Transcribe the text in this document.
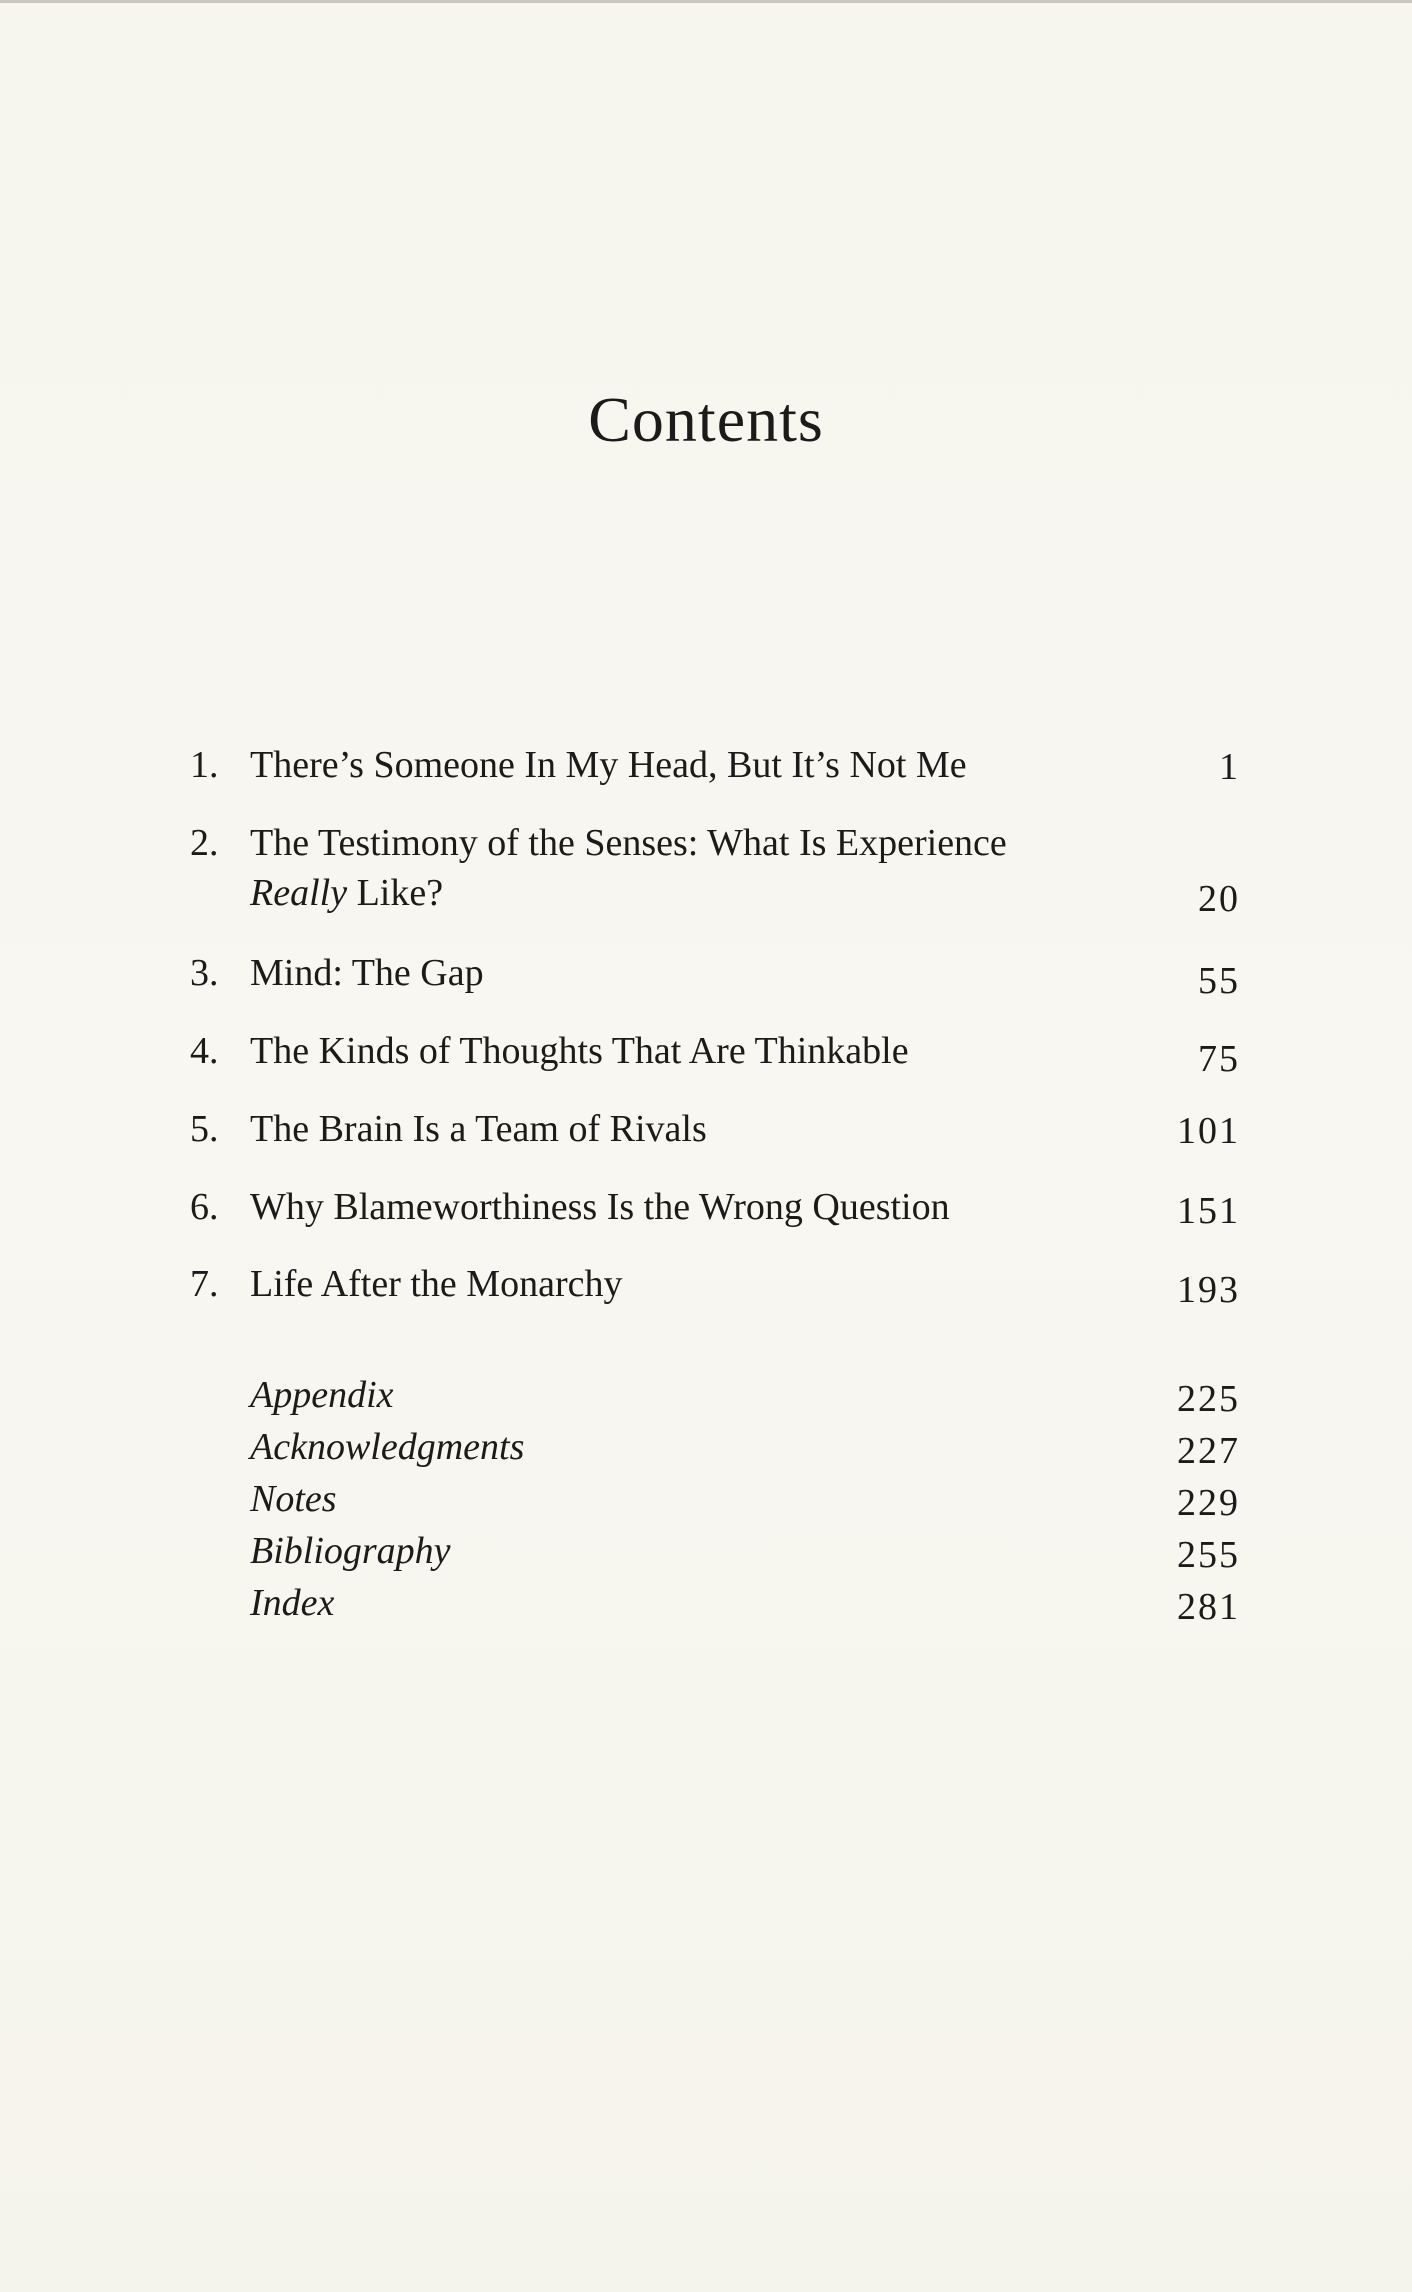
Contents
1. There’s Someone In My Head, But It’s Not Me	1
2. The Testimony of the Senses: What Is Experience
Really Like?	20
3. Mind: The Gap	55
4. The Kinds of Thoughts That Are Thinkable	75
5. The Brain Is a Team of Rivals	101
6. Why Blameworthiness Is the Wrong Question	151
7. Life After the Monarchy	193
Appendix	225
Acknowledgments	227
Notes	229
Bibliography	255
Index	281
